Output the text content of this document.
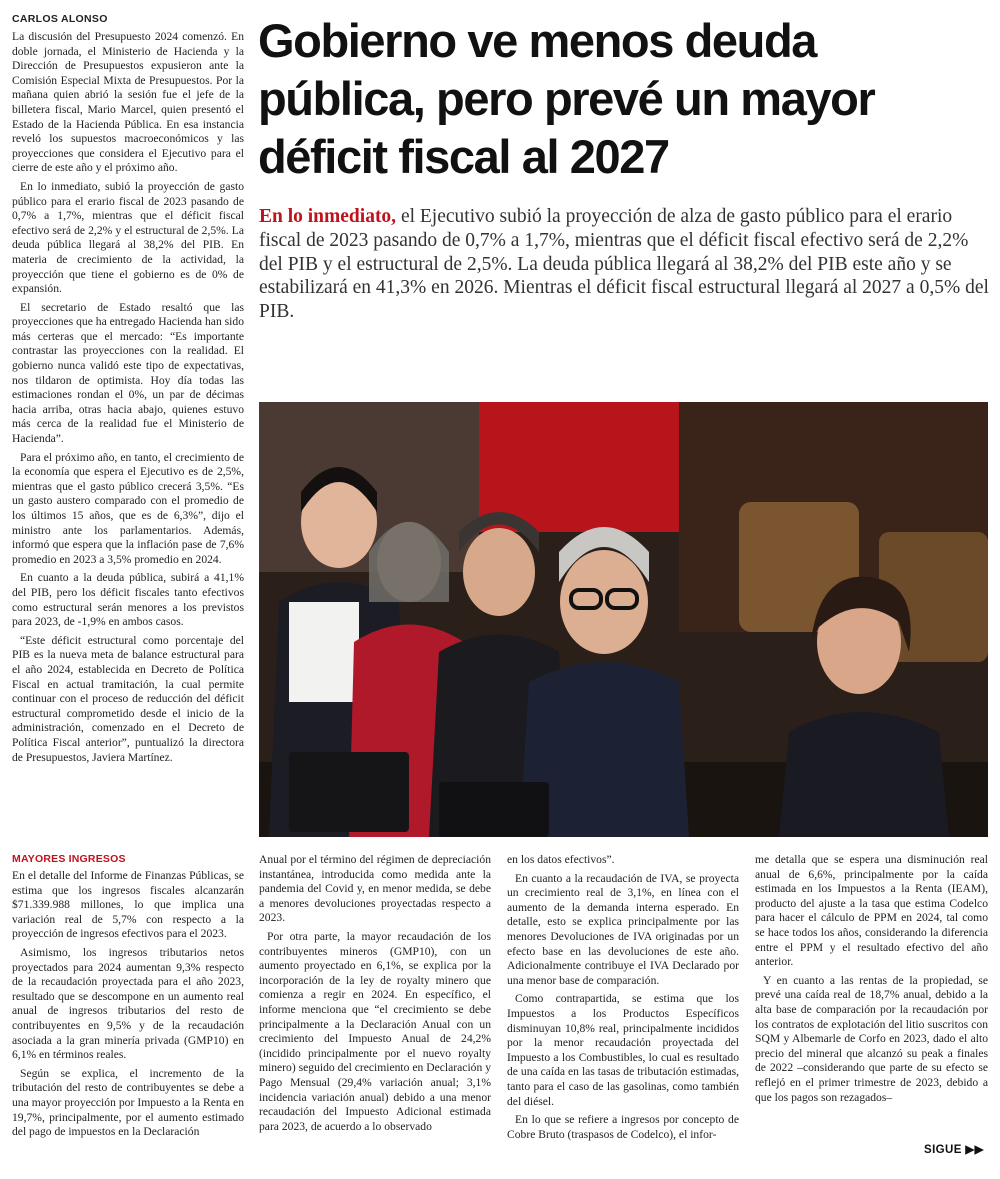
CARLOS ALONSO

La discusión del Presupuesto 2024 comenzó. En doble jornada, el Ministerio de Hacienda y la Dirección de Presupuestos expusieron ante la Comisión Especial Mixta de Presupuestos. Por la mañana quien abrió la sesión fue el jefe de la billetera fiscal, Mario Marcel, quien presentó el Estado de la Hacienda Pública. En esa instancia reveló los supuestos macroeconómicos y las proyecciones que considera el Ejecutivo para el cierre de este año y el próximo año.

En lo inmediato, subió la proyección de gasto público para el erario fiscal de 2023 pasando de 0,7% a 1,7%, mientras que el déficit fiscal efectivo será de 2,2% y el estructural de 2,5%. La deuda pública llegará al 38,2% del PIB. En materia de crecimiento de la actividad, la proyección que tiene el gobierno es de 0% de expansión.

El secretario de Estado resaltó que las proyecciones que ha entregado Hacienda han sido más certeras que el mercado: “Es importante contrastar las proyecciones con la realidad. El gobierno nunca validó este tipo de expectativas, nos tildaron de optimista. Hoy día todas las estimaciones rondan el 0%, un par de décimas hacia arriba, otras hacia abajo, quienes estuvo más cerca de la realidad fue el Ministerio de Hacienda”.

Para el próximo año, en tanto, el crecimiento de la economía que espera el Ejecutivo es de 2,5%, mientras que el gasto público crecerá 3,5%. “Es un gasto austero comparado con el promedio de los últimos 15 años, que es de 6,3%”, dijo el ministro ante los parlamentarios. Además, informó que espera que la inflación pase de 7,6% promedio en 2023 a 3,5% promedio en 2024.

En cuanto a la deuda pública, subirá a 41,1% del PIB, pero los déficit fiscales tanto efectivos como estructural serán menores a los previstos para 2023, de -1,9% en ambos casos.

“Este déficit estructural como porcentaje del PIB es la nueva meta de balance estructural para el año 2024, establecida en Decreto de Política Fiscal en actual tramitación, la cual permite continuar con el proceso de reducción del déficit estructural comprometido desde el inicio de la administración, comenzado en el Decreto de Política Fiscal anterior”, puntualizó la directora de Presupuestos, Javiera Martínez.

Gobierno ve menos deuda pública, pero prevé un mayor déficit fiscal al 2027
En lo inmediato, el Ejecutivo subió la proyección de alza de gasto público para el erario fiscal de 2023 pasando de 0,7% a 1,7%, mientras que el déficit fiscal efectivo será de 2,2% del PIB y el estructural de 2,5%. La deuda pública llegará al 38,2% del PIB este año y se estabilizará en 41,3% en 2026. Mientras el déficit fiscal estructural llegará al 2027 a 0,5% del PIB.
MAYORES INGRESOS

En el detalle del Informe de Finanzas Públicas, se estima que los ingresos fiscales alcanzarán $71.339.988 millones, lo que implica una variación real de 5,7% con respecto a la proyección de ingresos efectivos para el 2023.

Asimismo, los ingresos tributarios netos proyectados para 2024 aumentan 9,3% respecto de la recaudación proyectada para el año 2023, resultado que se descompone en un aumento real anual de ingresos tributarios del resto de contribuyentes en 9,5% y de la recaudación asociada a la gran minería privada (GMP10) en 6,1% en términos reales.

Según se explica, el incremento de la tributación del resto de contribuyentes se debe a una mayor proyección por Impuesto a la Renta en 19,7%, principalmente, por el aumento estimado del pago de impuestos en la Declaración

Anual por el término del régimen de depreciación instantánea, introducida como medida ante la pandemia del Covid y, en menor medida, se debe a menores devoluciones proyectadas respecto a 2023.

Por otra parte, la mayor recaudación de los contribuyentes mineros (GMP10), con un aumento proyectado en 6,1%, se explica por la incorporación de la ley de royalty minero que comienza a regir en 2024. En específico, el informe menciona que “el crecimiento se debe principalmente a la Declaración Anual con un crecimiento del Impuesto Anual de 24,2% (incidido principalmente por el nuevo royalty minero) seguido del crecimiento en Declaración y Pago Mensual (29,4% variación anual; 3,1% incidencia variación anual) debido a una menor recaudación del Impuesto Adicional estimada para 2023, de acuerdo a lo observado

en los datos efectivos”.

En cuanto a la recaudación de IVA, se proyecta un crecimiento real de 3,1%, en línea con el aumento de la demanda interna esperado. En detalle, esto se explica principalmente por las menores Devoluciones de IVA originadas por un efecto base en las devoluciones de este año. Adicionalmente contribuye el IVA Declarado por una menor base de comparación.

Como contrapartida, se estima que los Impuestos a los Productos Específicos disminuyan 10,8% real, principalmente incididos por la menor recaudación proyectada del Impuesto a los Combustibles, lo cual es resultado de una caída en las tasas de tributación estimadas, tanto para el caso de las gasolinas, como también del diésel.

En lo que se refiere a ingresos por concepto de Cobre Bruto (traspasos de Codelco), el infor-

me detalla que se espera una disminución real anual de 6,6%, principalmente por la caída estimada en los Impuestos a la Renta (IEAM), producto del ajuste a la tasa que estima Codelco para hacer el cálculo de PPM en 2024, tal como se hace todos los años, considerando la diferencia entre el PPM y el resultado efectivo del año anterior.

Y en cuanto a las rentas de la propiedad, se prevé una caída real de 18,7% anual, debido a la alta base de comparación por la recaudación por los contratos de explotación del litio suscritos con SQM y Albemarle de Corfo en 2023, dado el alto precio del mineral que alcanzó su peak a finales de 2022 –considerando que parte de su efecto se reflejó en el primer trimestre de 2023, debido a que los pagos son rezagados–

SIGUE ▶▶
